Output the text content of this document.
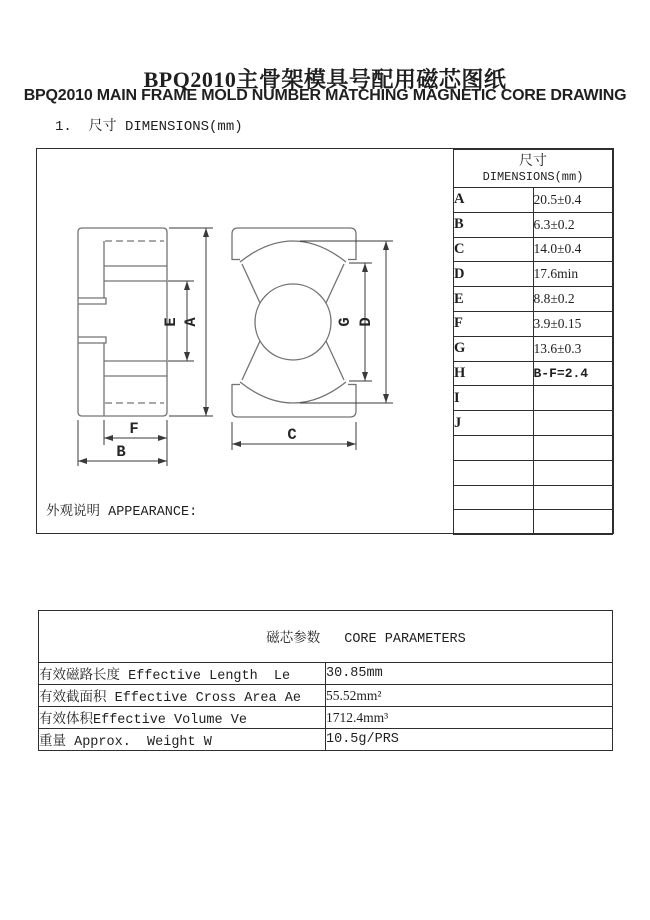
BPQ2010主骨架模具号配用磁芯图纸
BPQ2010 MAIN FRAME MOLD NUMBER MATCHING MAGNETIC CORE DRAWING
1.  尺寸 DIMENSIONS(mm)
E A
F
B
C
G D
外观说明 APPEARANCE:
尺寸
DIMENSIONS(mm)	

A	20.5±0.4
B	6.3±0.2
C	14.0±0.4
D	17.6min
E	8.8±0.2
F	3.9±0.15
G	13.6±0.3
H	B-F=2.4
I	
J	

磁芯参数 CORE PARAMETERS	

有效磁路长度 Effective Length  Le	30.85mm
有效截面积 Effective Cross Area Ae	55.52mm²
有效体积Effective Volume Ve	1712.4mm³
重量 Approx.  Weight W	10.5g/PRS
